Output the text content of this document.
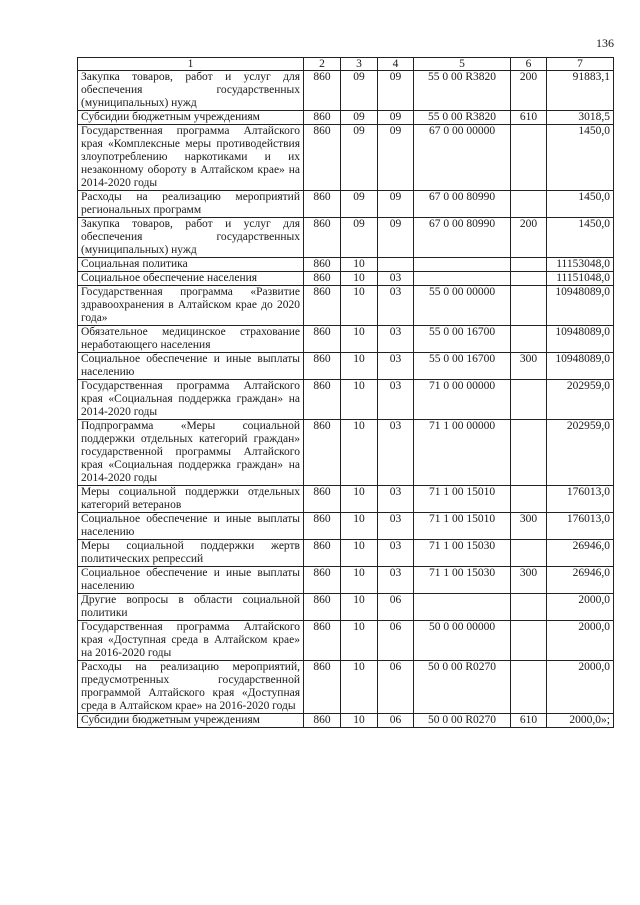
136
1	2	3	4	5	6	7
Закупка товаров, работ и услуг для обеспечения государственных (муниципальных) нужд	860	09	09	55 0 00 R3820	200	91883,1
Субсидии бюджетным учреждениям	860	09	09	55 0 00 R3820	610	3018,5
Государственная программа Алтайского края «Комплексные меры противодействия злоупотреблению наркотиками и их незаконному обороту в Алтайском крае» на 2014-2020 годы	860	09	09	67 0 00 00000		1450,0
Расходы на реализацию мероприятий региональных программ	860	09	09	67 0 00 80990		1450,0
Закупка товаров, работ и услуг для обеспечения государственных (муниципальных) нужд	860	09	09	67 0 00 80990	200	1450,0
Социальная политика	860	10				11153048,0
Социальное обеспечение населения	860	10	03			11151048,0
Государственная программа «Развитие здравоохранения в Алтайском крае до 2020 года»	860	10	03	55 0 00 00000		10948089,0
Обязательное медицинское страхование неработающего населения	860	10	03	55 0 00 16700		10948089,0
Социальное обеспечение и иные выплаты населению	860	10	03	55 0 00 16700	300	10948089,0
Государственная программа Алтайского края «Социальная поддержка граждан» на 2014-2020 годы	860	10	03	71 0 00 00000		202959,0
Подпрограмма «Меры социальной поддержки отдельных категорий граждан» государственной программы Алтайского края «Социальная поддержка граждан» на 2014-2020 годы	860	10	03	71 1 00 00000		202959,0
Меры социальной поддержки отдельных категорий ветеранов	860	10	03	71 1 00 15010		176013,0
Социальное обеспечение и иные выплаты населению	860	10	03	71 1 00 15010	300	176013,0
Меры социальной поддержки жертв политических репрессий	860	10	03	71 1 00 15030		26946,0
Социальное обеспечение и иные выплаты населению	860	10	03	71 1 00 15030	300	26946,0
Другие вопросы в области социальной политики	860	10	06			2000,0
Государственная программа Алтайского края «Доступная среда в Алтайском крае» на 2016-2020 годы	860	10	06	50 0 00 00000		2000,0
Расходы на реализацию мероприятий, предусмотренных государственной программой Алтайского края «Доступная среда в Алтайском крае» на 2016-2020 годы	860	10	06	50 0 00 R0270		2000,0
Субсидии бюджетным учреждениям	860	10	06	50 0 00 R0270	610	2000,0»;
